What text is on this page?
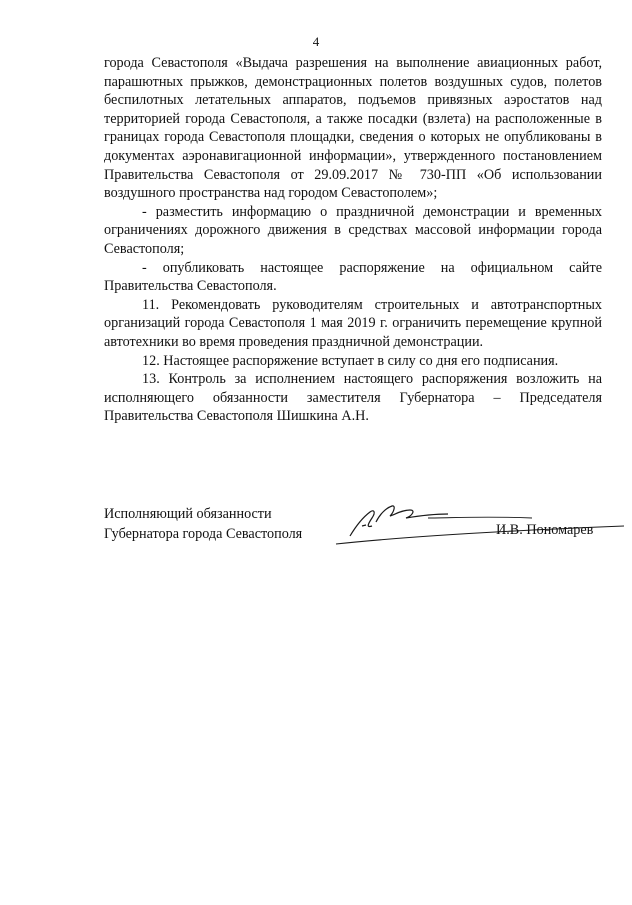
4

города Севастополя «Выдача разрешения на выполнение авиационных работ, парашютных прыжков, демонстрационных полетов воздушных судов, полетов беспилотных летательных аппаратов, подъемов привязных аэростатов над территорией города Севастополя, а также посадки (взлета) на расположенные в границах города Севастополя площадки, сведения о которых не опубликованы в документах аэронавигационной информации», утвержденного постановлением Правительства Севастополя от 29.09.2017 № 730-ПП «Об использовании воздушного пространства над городом Севастополем»;

- разместить информацию о праздничной демонстрации и временных ограничениях дорожного движения в средствах массовой информации города Севастополя;

- опубликовать настоящее распоряжение на официальном сайте Правительства Севастополя.

11. Рекомендовать руководителям строительных и автотранспортных организаций города Севастополя 1 мая 2019 г. ограничить перемещение крупной автотехники во время проведения праздничной демонстрации.

12. Настоящее распоряжение вступает в силу со дня его подписания.

13. Контроль за исполнением настоящего распоряжения возложить на исполняющего обязанности заместителя Губернатора – Председателя Правительства Севастополя Шишкина А.Н.

Исполняющий обязанности
Губернатора города Севастополя	И.В. Пономарев
